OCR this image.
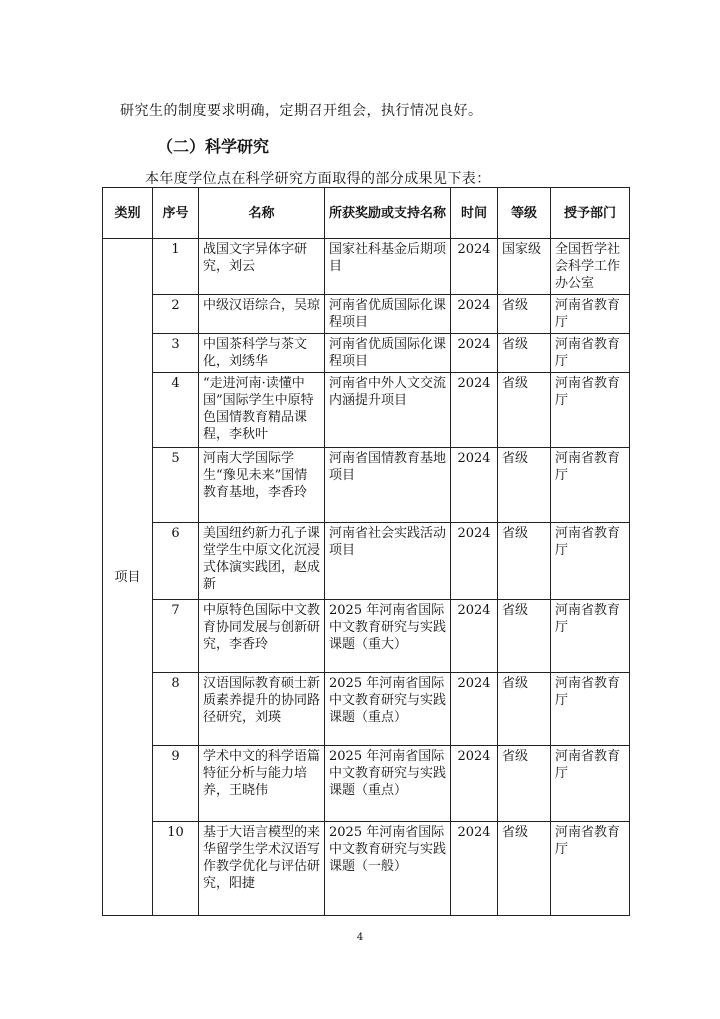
研究生的制度要求明确，定期召开组会，执行情况良好。
（二）科学研究
本年度学位点在科学研究方面取得的部分成果见下表：
类别	序号	名称	所获奖励或支持名称	时间	等级	授予部门
项目	1	战国文字异体字研究，刘云	国家社科基金后期项目	2024	国家级	全国哲学社会科学工作办公室
	2	中级汉语综合，吴琼	河南省优质国际化课程项目	2024	省级	河南省教育厅
	3	中国茶科学与茶文化，刘绣华	河南省优质国际化课程项目	2024	省级	河南省教育厅
	4	“走进河南·读懂中国”国际学生中原特色国情教育精品课程，李秋叶	河南省中外人文交流内涵提升项目	2024	省级	河南省教育厅
	5	河南大学国际学生“豫见未来”国情教育基地，李香玲	河南省国情教育基地项目	2024	省级	河南省教育厅
	6	美国纽约新力孔子课堂学生中原文化沉浸式体演实践团，赵成新	河南省社会实践活动项目	2024	省级	河南省教育厅
	7	中原特色国际中文教育协同发展与创新研究，李香玲	2025 年河南省国际中文教育研究与实践课题（重大）	2024	省级	河南省教育厅
	8	汉语国际教育硕士新质素养提升的协同路径研究，刘瑛	2025 年河南省国际中文教育研究与实践课题（重点）	2024	省级	河南省教育厅
	9	学术中文的科学语篇特征分析与能力培养，王晓伟	2025 年河南省国际中文教育研究与实践课题（重点）	2024	省级	河南省教育厅
	10	基于大语言模型的来华留学生学术汉语写作教学优化与评估研究，阳捷	2025 年河南省国际中文教育研究与实践课题（一般）	2024	省级	河南省教育厅
4
